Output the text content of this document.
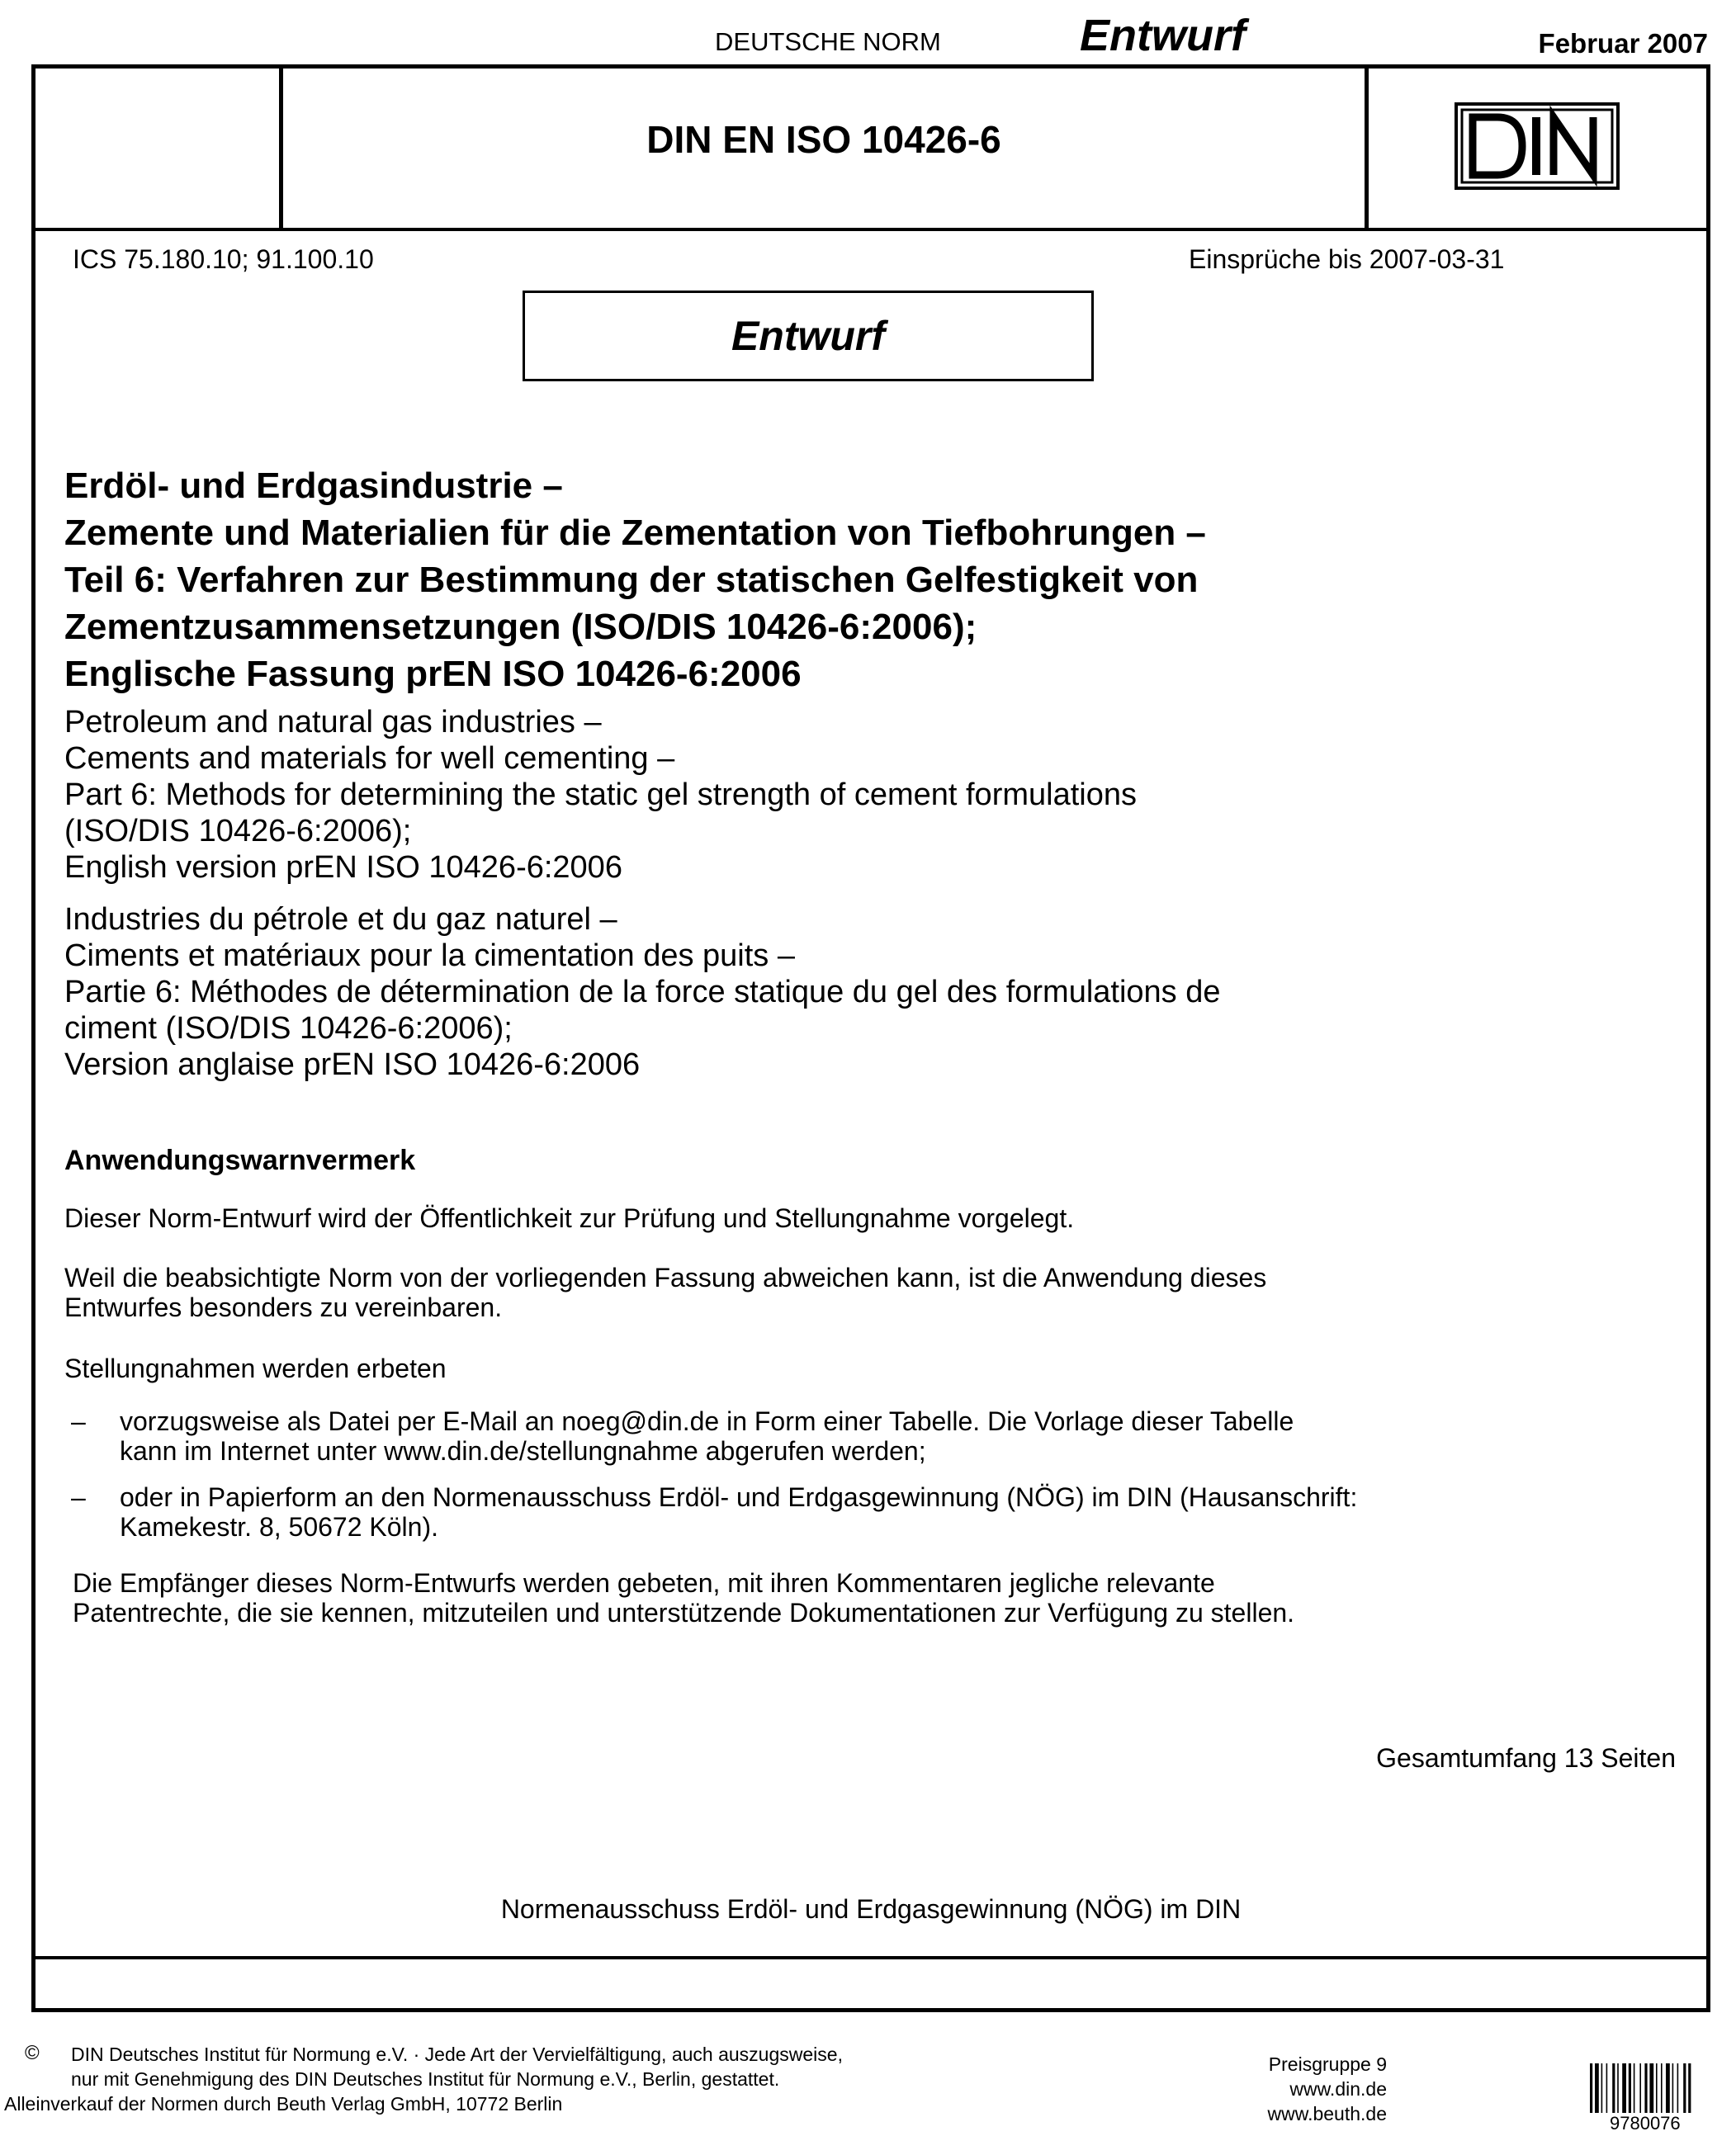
DEUTSCHE NORM	Entwurf	Februar 2007
DIN EN ISO 10426-6
ICS 75.180.10; 91.100.10	Einsprüche bis 2007-03-31
Entwurf
Erdöl- und Erdgasindustrie –
Zemente und Materialien für die Zementation von Tiefbohrungen –
Teil 6: Verfahren zur Bestimmung der statischen Gelfestigkeit von
Zementzusammensetzungen (ISO/DIS 10426-6:2006);
Englische Fassung prEN ISO 10426-6:2006
Petroleum and natural gas industries –
Cements and materials for well cementing –
Part 6: Methods for determining the static gel strength of cement formulations
(ISO/DIS 10426-6:2006);
English version prEN ISO 10426-6:2006
Industries du pétrole et du gaz naturel –
Ciments et matériaux pour la cimentation des puits –
Partie 6: Méthodes de détermination de la force statique du gel des formulations de
ciment (ISO/DIS 10426-6:2006);
Version anglaise prEN ISO 10426-6:2006
Anwendungswarnvermerk
Dieser Norm-Entwurf wird der Öffentlichkeit zur Prüfung und Stellungnahme vorgelegt.
Weil die beabsichtigte Norm von der vorliegenden Fassung abweichen kann, ist die Anwendung dieses
Entwurfes besonders zu vereinbaren.
Stellungnahmen werden erbeten
– vorzugsweise als Datei per E-Mail an noeg@din.de in Form einer Tabelle. Die Vorlage dieser Tabelle
kann im Internet unter www.din.de/stellungnahme abgerufen werden;
– oder in Papierform an den Normenausschuss Erdöl- und Erdgasgewinnung (NÖG) im DIN (Hausanschrift:
Kamekestr. 8, 50672 Köln).
Die Empfänger dieses Norm-Entwurfs werden gebeten, mit ihren Kommentaren jegliche relevante
Patentrechte, die sie kennen, mitzuteilen und unterstützende Dokumentationen zur Verfügung zu stellen.
Gesamtumfang 13 Seiten
Normenausschuss Erdöl- und Erdgasgewinnung (NÖG) im DIN
©	DIN Deutsches Institut für Normung e.V. · Jede Art der Vervielfältigung, auch auszugsweise,
nur mit Genehmigung des DIN Deutsches Institut für Normung e.V., Berlin, gestattet.
Alleinverkauf der Normen durch Beuth Verlag GmbH, 10772 Berlin
Preisgruppe 9
www.din.de
www.beuth.de	9780076
